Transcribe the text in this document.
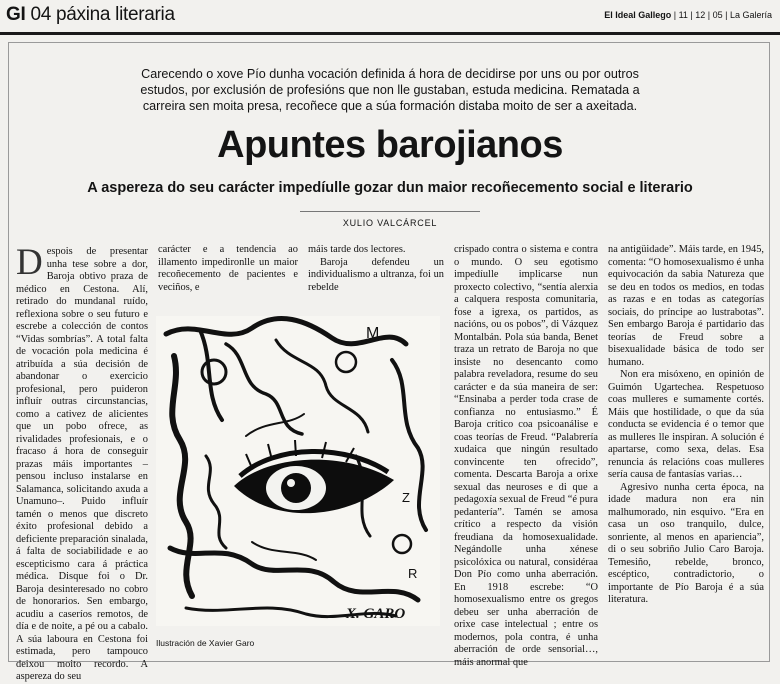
GI 04 páxina literaria	El Ideal Gallego | 11 | 12 | 05 | La Galería
Carecendo o xove Pío dunha vocación definida á hora de decidirse por uns ou por outros estudos, por exclusión de profesións que non lle gustaban, estuda medicina. Rematada a carreira sen moita presa, recoñece que a súa formación distaba moito de ser a axeitada.
Apuntes barojianos
A aspereza do seu carácter impedíulle gozar dun maior recoñecemento social e literario
XULIO VALCÁRCEL

Despois de presentar unha tese sobre a dor, Baroja obtivo praza de médico en Cestona. Alí, retirado do mundanal ruído, reflexiona sobre o seu futuro e escrebe a colección de contos “Vidas sombrías”. A total falta de vocación pola medicina é atribuída a súa decisión de abandonar o exercicio profesional, pero puideron influír outras circunstancias, como a cativez de alicientes que un pobo ofrece, as rivalidades profesionais, e o fracaso á hora de conseguir prazas máis importantes –pensou incluso instalarse en Salamanca, solicitando axuda a Unamuno–. Puido influír tamén o menos que discreto éxito profesional debido a deficiente preparación sinalada, á falta de sociabilidade e ao escepticismo cara á práctica médica. Disque foi o Dr. Baroja desinteresado no cobro de honorarios. Sen embargo, acudiu a caseríos remotos, de día e de noite, a pé ou a cabalo. A súa laboura en Cestona foi estimada, pero tampouco deixou moito recordo. A aspereza do seu

carácter e a tendencia ao illamento impedironlle un maior recoñecemento de pacientes e veciños, e

máis tarde dos lectores.

Baroja defendeu un individualismo a ultranza, foi un rebelde

crispado contra o sistema e contra o mundo. O seu egotismo impedíulle implicarse nun proxecto colectivo, “sentía alerxia a calquera resposta comunitaria, fose a igrexa, os partidos, as nacións, ou os pobos”, di Vázquez Montalbán. Pola súa banda, Benet traza un retrato de Baroja no que insiste no desencanto como palabra reveladora, resume do seu carácter e da súa maneira de ser: “Ensinaba a perder toda crase de confianza no entusiasmo.” É Baroja crítico coa psicoanálise e coas teorías de Freud. “Palabrería xudaica que ningún resultado convincente ten ofrecido”, comenta. Descarta Baroja a orixe sexual das neuroses e di que a pedagoxía sexual de Freud “é pura pedantería”. Tamén se amosa crítico a respecto da visión freudiana da homosexualidade. Negándolle unha xénese psicolóxica ou natural, considéraa Don Pío como unha aberración. En 1918 escrebe: “O homosexualismo entre os gregos debeu ser unha aberración de orixe case intelectual ; entre os modernos, pola contra, é unha aberración de orde sensorial…, máis anormal que

na antigüidade”. Máis tarde, en 1945, comenta: “O homosexualismo é unha equivocación da sabia Natureza que se deu en todos os medios, en todas as razas e en todas as categorías sociais, do príncipe ao lustrabotas”. Sen embargo Baroja é partidario das teorías de Freud sobre a bisexualidade básica de todo ser humano.

Non era misóxeno, en opinión de Guimón Ugartechea. Respetuoso coas mulleres e sumamente cortés. Máis que hostilidade, o que da súa conducta se evidencia é o temor que as mulleres lle inspiran. A solución é apartarse, como sexa, delas. Esa renuncia ás relacións coas mulleres sería causa de fantasías varias…

Agresivo nunha certa época, na idade madura non era nin malhumorado, nin esquivo. “Era en casa un oso tranquilo, dulce, sonriente, al menos en apariencia”, di o seu sobriño Julio Caro Baroja. Temesiño, rebelde, bronco, escéptico, contradictorio, o importante de Pío Baroja é a súa literatura.

M
Z
R
X. GARO
Ilustración de Xavier Garo
